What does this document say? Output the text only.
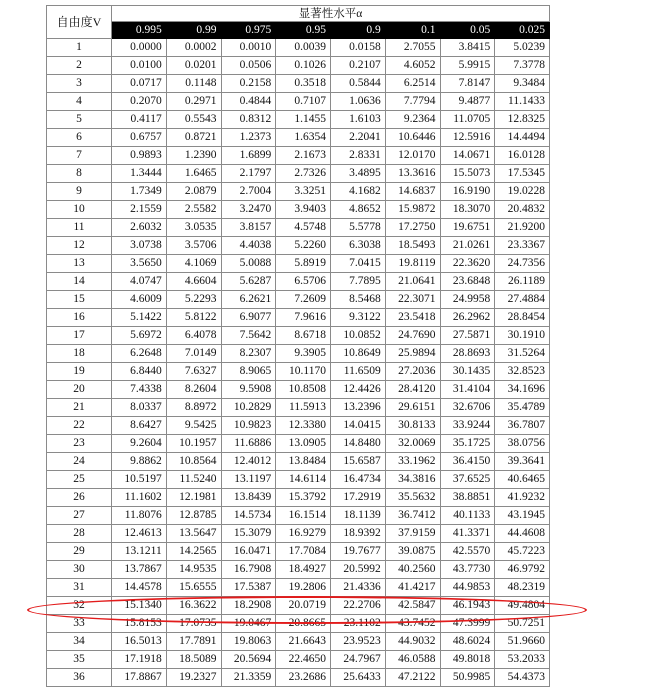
自由度V	显著性水平α							
	0.995	0.99	0.975	0.95	0.9	0.1	0.05	0.025
1	0.0000	0.0002	0.0010	0.0039	0.0158	2.7055	3.8415	5.0239
2	0.0100	0.0201	0.0506	0.1026	0.2107	4.6052	5.9915	7.3778
3	0.0717	0.1148	0.2158	0.3518	0.5844	6.2514	7.8147	9.3484
4	0.2070	0.2971	0.4844	0.7107	1.0636	7.7794	9.4877	11.1433
5	0.4117	0.5543	0.8312	1.1455	1.6103	9.2364	11.0705	12.8325
6	0.6757	0.8721	1.2373	1.6354	2.2041	10.6446	12.5916	14.4494
7	0.9893	1.2390	1.6899	2.1673	2.8331	12.0170	14.0671	16.0128
8	1.3444	1.6465	2.1797	2.7326	3.4895	13.3616	15.5073	17.5345
9	1.7349	2.0879	2.7004	3.3251	4.1682	14.6837	16.9190	19.0228
10	2.1559	2.5582	3.2470	3.9403	4.8652	15.9872	18.3070	20.4832
11	2.6032	3.0535	3.8157	4.5748	5.5778	17.2750	19.6751	21.9200
12	3.0738	3.5706	4.4038	5.2260	6.3038	18.5493	21.0261	23.3367
13	3.5650	4.1069	5.0088	5.8919	7.0415	19.8119	22.3620	24.7356
14	4.0747	4.6604	5.6287	6.5706	7.7895	21.0641	23.6848	26.1189
15	4.6009	5.2293	6.2621	7.2609	8.5468	22.3071	24.9958	27.4884
16	5.1422	5.8122	6.9077	7.9616	9.3122	23.5418	26.2962	28.8454
17	5.6972	6.4078	7.5642	8.6718	10.0852	24.7690	27.5871	30.1910
18	6.2648	7.0149	8.2307	9.3905	10.8649	25.9894	28.8693	31.5264
19	6.8440	7.6327	8.9065	10.1170	11.6509	27.2036	30.1435	32.8523
20	7.4338	8.2604	9.5908	10.8508	12.4426	28.4120	31.4104	34.1696
21	8.0337	8.8972	10.2829	11.5913	13.2396	29.6151	32.6706	35.4789
22	8.6427	9.5425	10.9823	12.3380	14.0415	30.8133	33.9244	36.7807
23	9.2604	10.1957	11.6886	13.0905	14.8480	32.0069	35.1725	38.0756
24	9.8862	10.8564	12.4012	13.8484	15.6587	33.1962	36.4150	39.3641
25	10.5197	11.5240	13.1197	14.6114	16.4734	34.3816	37.6525	40.6465
26	11.1602	12.1981	13.8439	15.3792	17.2919	35.5632	38.8851	41.9232
27	11.8076	12.8785	14.5734	16.1514	18.1139	36.7412	40.1133	43.1945
28	12.4613	13.5647	15.3079	16.9279	18.9392	37.9159	41.3371	44.4608
29	13.1211	14.2565	16.0471	17.7084	19.7677	39.0875	42.5570	45.7223
30	13.7867	14.9535	16.7908	18.4927	20.5992	40.2560	43.7730	46.9792
31	14.4578	15.6555	17.5387	19.2806	21.4336	41.4217	44.9853	48.2319
32	15.1340	16.3622	18.2908	20.0719	22.2706	42.5847	46.1943	49.4804
33	15.8153	17.0735	19.0467	20.8665	23.1102	43.7452	47.3999	50.7251
34	16.5013	17.7891	19.8063	21.6643	23.9523	44.9032	48.6024	51.9660
35	17.1918	18.5089	20.5694	22.4650	24.7967	46.0588	49.8018	53.2033
36	17.8867	19.2327	21.3359	23.2686	25.6433	47.2122	50.9985	54.4373
